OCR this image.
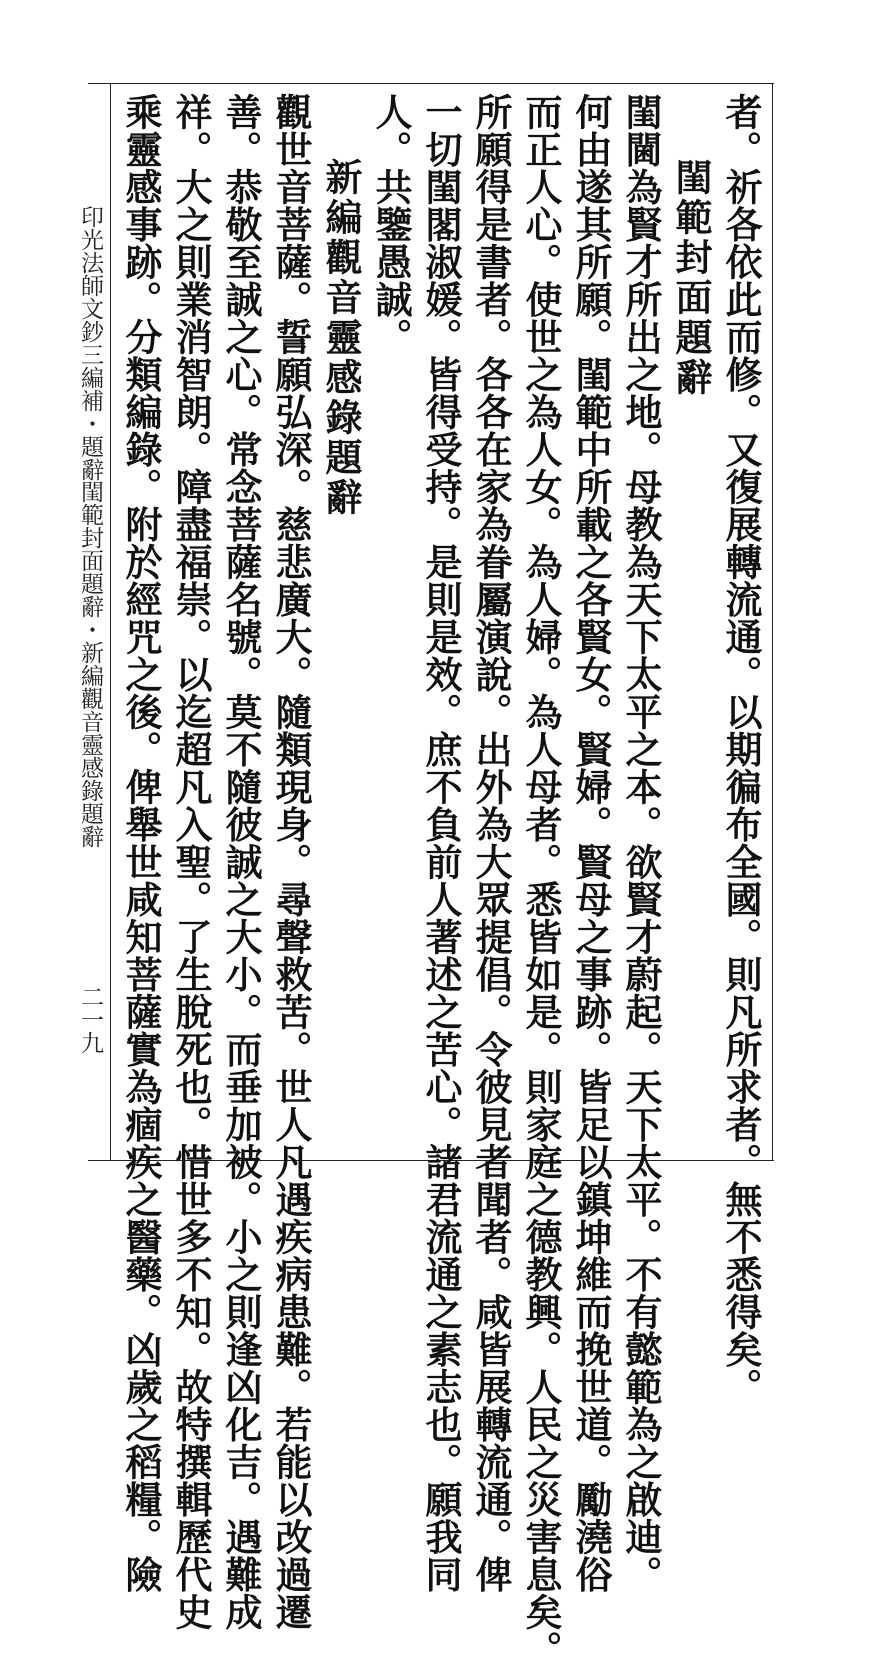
者。祈各依此而修。又復展轉流通。以期徧布全國。則凡所求者。無不悉得矣。
閨範封面題辭
閨閫為賢才所出之地。母教為天下太平之本。欲賢才蔚起。天下太平。不有懿範為之啟迪。
何由遂其所願。閨範中所載之各賢女。賢婦。賢母之事跡。皆足以鎮坤維而挽世道。勵澆俗
而正人心。使世之為人女。為人婦。為人母者。悉皆如是。則家庭之德教興。人民之災害息矣。
所願得是書者。各各在家為眷屬演說。出外為大眾提倡。令彼見者聞者。咸皆展轉流通。俾
一切閨閣淑媛。皆得受持。是則是效。庶不負前人著述之苦心。諸君流通之素志也。願我同
人。共鑒愚誠。
新編觀音靈感錄題辭
觀世音菩薩。誓願弘深。慈悲廣大。隨類現身。尋聲救苦。世人凡遇疾病患難。若能以改過遷
善。恭敬至誠之心。常念菩薩名號。莫不隨彼誠之大小。而垂加被。小之則逢凶化吉。遇難成
祥。大之則業消智朗。障盡福崇。以迄超凡入聖。了生脫死也。惜世多不知。故特撰輯歷代史
乘靈感事跡。分類編錄。附於經咒之後。俾舉世咸知菩薩實為痼疾之醫藥。凶歲之稻糧。險
印光法師文鈔三編補・題辭
閨範封面題辭・新編觀音靈感錄題辭
二一九
